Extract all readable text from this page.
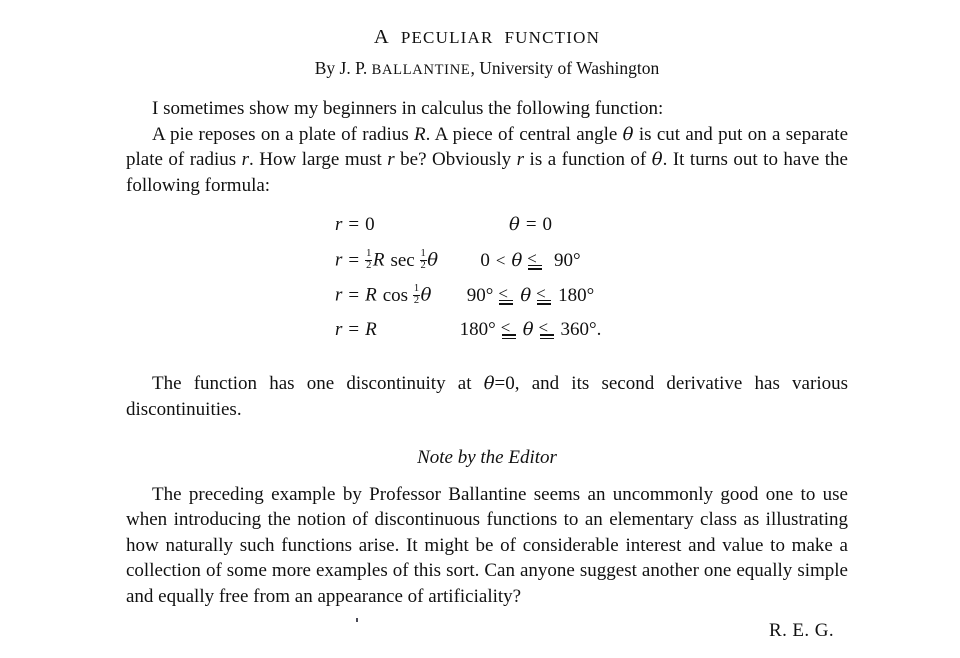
A PECULIAR FUNCTION
By J. P. BALLANTINE, University of Washington

I sometimes show my beginners in calculus the following function:

A pie reposes on a plate of radius R. A piece of central angle θ is cut and put on a separate plate of radius r. How large must r be? Obviously r is a function of θ. It turns out to have the following formula:

r = 0	θ = 0
$r = \frac{1}{2}$ R $\sec \frac{1}{2}$ θ	0 < θ < 90°
r = R $\cos \frac{1}{2}$ θ	90° < θ < 180°
r = R	180° < θ < 360°.

The function has one discontinuity at θ=0, and its second derivative has various discontinuities.

Note by the Editor

The preceding example by Professor Ballantine seems an uncommonly good one to use when introducing the notion of discontinuous functions to an elementary class as illustrating how naturally such functions arise. It might be of considerable interest and value to make a collection of some more examples of this sort. Can anyone suggest another one equally simple and equally free from an appearance of artificiality?

R. E. G.
